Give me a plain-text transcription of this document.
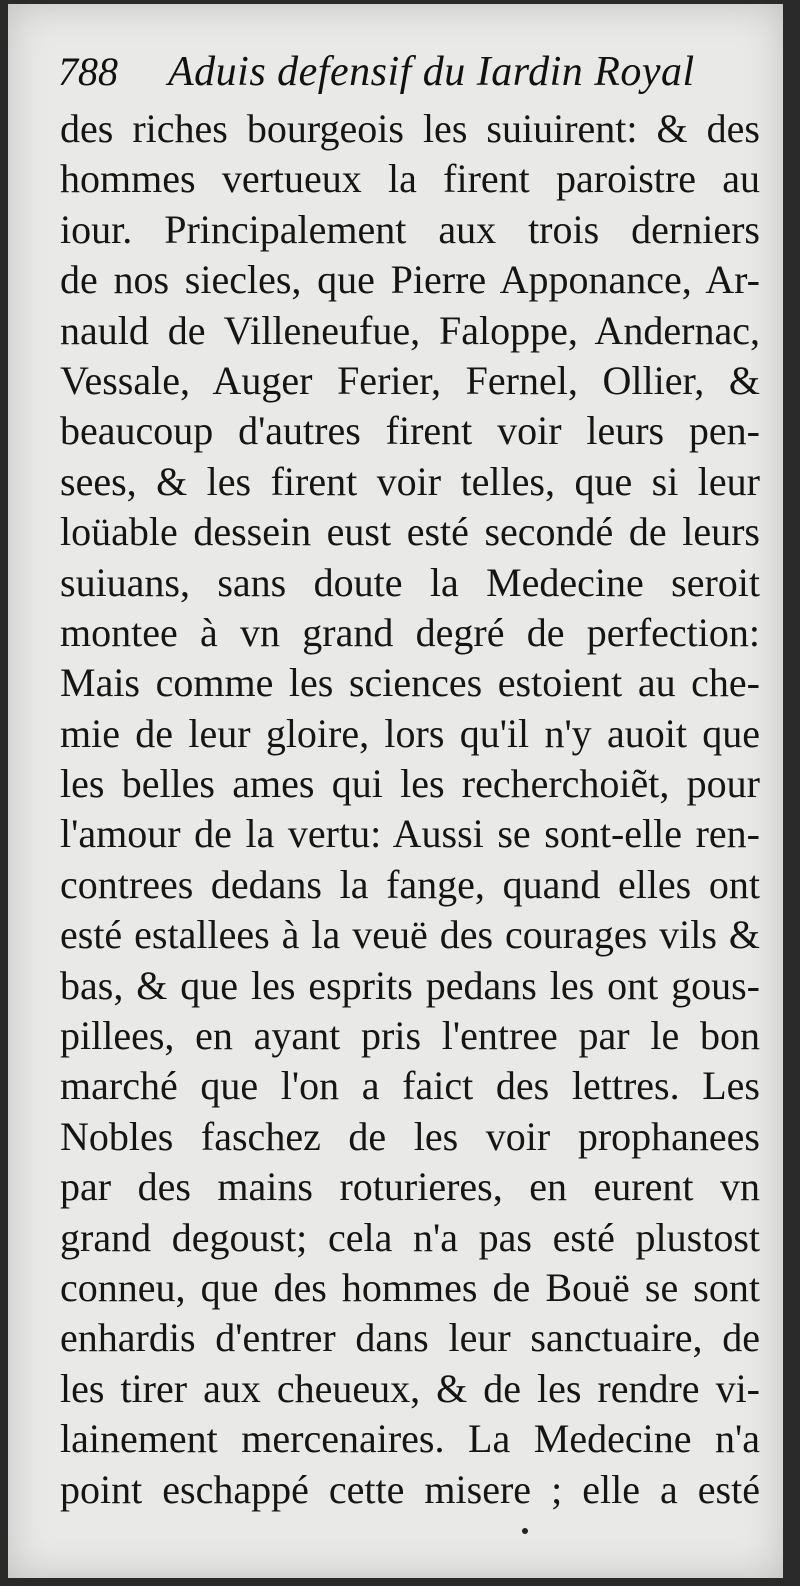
788 Aduis defensif du Iardin Royal
des riches bourgeois les suiuirent: & des
hommes vertueux la firent paroistre au
iour. Principalement aux trois derniers
de nos siecles, que Pierre Apponance, Ar-
nauld de Villeneufue, Faloppe, Andernac,
Vessale, Auger Ferier, Fernel, Ollier, &
beaucoup d'autres firent voir leurs pen-
sees, & les firent voir telles, que si leur
loüable dessein eust esté secondé de leurs
suiuans, sans doute la Medecine seroit
montee à vn grand degré de perfection:
Mais comme les sciences estoient au che-
mie de leur gloire, lors qu'il n'y auoit que
les belles ames qui les recherchoiẽt, pour
l'amour de la vertu: Aussi se sont-elle ren-
contrees dedans la fange, quand elles ont
esté estallees à la veuë des courages vils &
bas, & que les esprits pedans les ont gous-
pillees, en ayant pris l'entree par le bon
marché que l'on a faict des lettres. Les
Nobles faschez de les voir prophanees
par des mains roturieres, en eurent vn
grand degoust; cela n'a pas esté plustost
conneu, que des hommes de Bouë se sont
enhardis d'entrer dans leur sanctuaire, de
les tirer aux cheueux, & de les rendre vi-
lainement mercenaires. La Medecine n'a
point eschappé cette misere ; elle a esté
